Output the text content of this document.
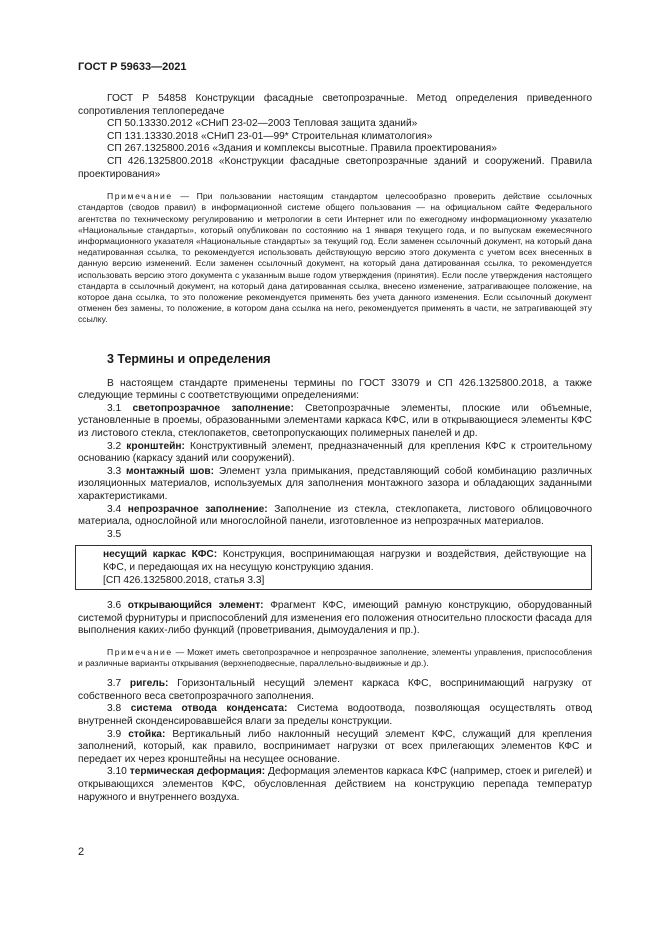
ГОСТ Р 59633—2021

ГОСТ Р 54858 Конструкции фасадные светопрозрачные. Метод определения приведенного сопротивления теплопередаче

СП 50.13330.2012 «СНиП 23-02—2003 Тепловая защита зданий»

СП 131.13330.2018 «СНиП 23-01—99* Строительная климатология»

СП 267.1325800.2016 «Здания и комплексы высотные. Правила проектирования»

СП 426.1325800.2018 «Конструкции фасадные светопрозрачные зданий и сооружений. Правила проектирования»

Примечание — При пользовании настоящим стандартом целесообразно проверить действие ссылочных стандартов (сводов правил) в информационной системе общего пользования — на официальном сайте Федерального агентства по техническому регулированию и метрологии в сети Интернет или по ежегодному информационному указателю «Национальные стандарты», который опубликован по состоянию на 1 января текущего года, и по выпускам ежемесячного информационного указателя «Национальные стандарты» за текущий год. Если заменен ссылочный документ, на который дана недатированная ссылка, то рекомендуется использовать действующую версию этого документа с учетом всех внесенных в данную версию изменений. Если заменен ссылочный документ, на который дана датированная ссылка, то рекомендуется использовать версию этого документа с указанным выше годом утверждения (принятия). Если после утверждения настоящего стандарта в ссылочный документ, на который дана датированная ссылка, внесено изменение, затрагивающее положение, на которое дана ссылка, то это положение рекомендуется применять без учета данного изменения. Если ссылочный документ отменен без замены, то положение, в котором дана ссылка на него, рекомендуется применять в части, не затрагивающей эту ссылку.

3 Термины и определения

В настоящем стандарте применены термины по ГОСТ 33079 и СП 426.1325800.2018, а также следующие термины с соответствующими определениями:

3.1 светопрозрачное заполнение: Светопрозрачные элементы, плоские или объемные, установленные в проемы, образованными элементами каркаса КФС, или в открывающиеся элементы КФС из листового стекла, стеклопакетов, светопропускающих полимерных панелей и др.

3.2 кронштейн: Конструктивный элемент, предназначенный для крепления КФС к строительному основанию (каркасу зданий или сооружений).

3.3 монтажный шов: Элемент узла примыкания, представляющий собой комбинацию различных изоляционных материалов, используемых для заполнения монтажного зазора и обладающих заданными характеристиками.

3.4 непрозрачное заполнение: Заполнение из стекла, стеклопакета, листового облицовочного материала, однослойной или многослойной панели, изготовленное из непрозрачных материалов.

3.5

несущий каркас КФС: Конструкция, воспринимающая нагрузки и воздействия, действующие на КФС, и передающая их на несущую конструкцию здания.

[СП 426.1325800.2018, статья 3.3]

3.6 открывающийся элемент: Фрагмент КФС, имеющий рамную конструкцию, оборудованный системой фурнитуры и приспособлений для изменения его положения относительно плоскости фасада для выполнения каких-либо функций (проветривания, дымоудаления и пр.).

Примечание — Может иметь светопрозрачное и непрозрачное заполнение, элементы управления, приспособления и различные варианты открывания (верхнеподвесные, параллельно-выдвижные и др.).

3.7 ригель: Горизонтальный несущий элемент каркаса КФС, воспринимающий нагрузку от собственного веса светопрозрачного заполнения.

3.8 система отвода конденсата: Система водоотвода, позволяющая осуществлять отвод внутренней сконденсировавшейся влаги за пределы конструкции.

3.9 стойка: Вертикальный либо наклонный несущий элемент КФС, служащий для крепления заполнений, который, как правило, воспринимает нагрузки от всех прилегающих элементов КФС и передает их через кронштейны на несущее основание.

3.10 термическая деформация: Деформация элементов каркаса КФС (например, стоек и ригелей) и открывающихся элементов КФС, обусловленная действием на конструкцию перепада температур наружного и внутреннего воздуха.

2
